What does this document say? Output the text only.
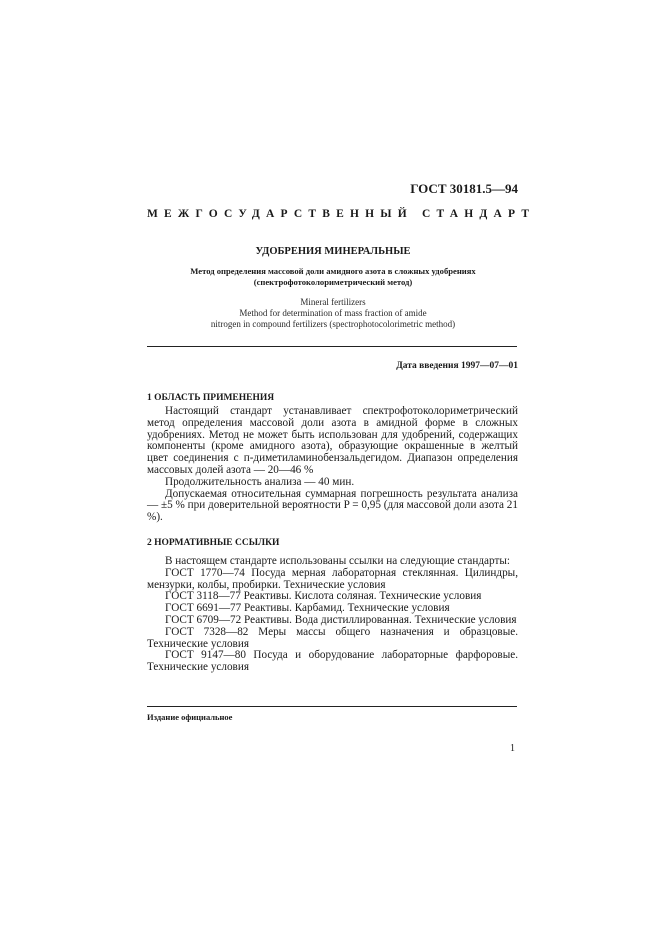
ГОСТ 30181.5—94
МЕЖГОСУДАРСТВЕННЫЙ СТАНДАРТ
УДОБРЕНИЯ МИНЕРАЛЬНЫЕ
Метод определения массовой доли амидного азота в сложных удобрениях
(спектрофотоколориметрический метод)
Mineral fertilizers
Method for determination of mass fraction of amide
nitrogen in compound fertilizers (spectrophotocolorimetric method)
Дата введения 1997—07—01
1 ОБЛАСТЬ ПРИМЕНЕНИЯ

Настоящий стандарт устанавливает спектрофотоколориметрический метод определения массовой доли азота в амидной форме в сложных удобрениях. Метод не может быть использован для удобрений, содержащих компоненты (кроме амидного азота), образующие окрашенные в желтый цвет соединения с п-диметиламинобензальдегидом. Диапазон определения массовых долей азота — 20—46 %

Продолжительность анализа — 40 мин.

Допускаемая относительная суммарная погрешность результата анализа — ±5 % при доверительной вероятности P = 0,95 (для массовой доли азота 21 %).

2 НОРМАТИВНЫЕ ССЫЛКИ

В настоящем стандарте использованы ссылки на следующие стандарты:

ГОСТ 1770—74 Посуда мерная лабораторная стеклянная. Цилиндры, мензурки, колбы, пробирки. Технические условия

ГОСТ 3118—77 Реактивы. Кислота соляная. Технические условия

ГОСТ 6691—77 Реактивы. Карбамид. Технические условия

ГОСТ 6709—72 Реактивы. Вода дистиллированная. Технические условия

ГОСТ 7328—82 Меры массы общего назначения и образцовые. Технические условия

ГОСТ 9147—80 Посуда и оборудование лабораторные фарфоровые. Технические условия

Издание официальное
1
